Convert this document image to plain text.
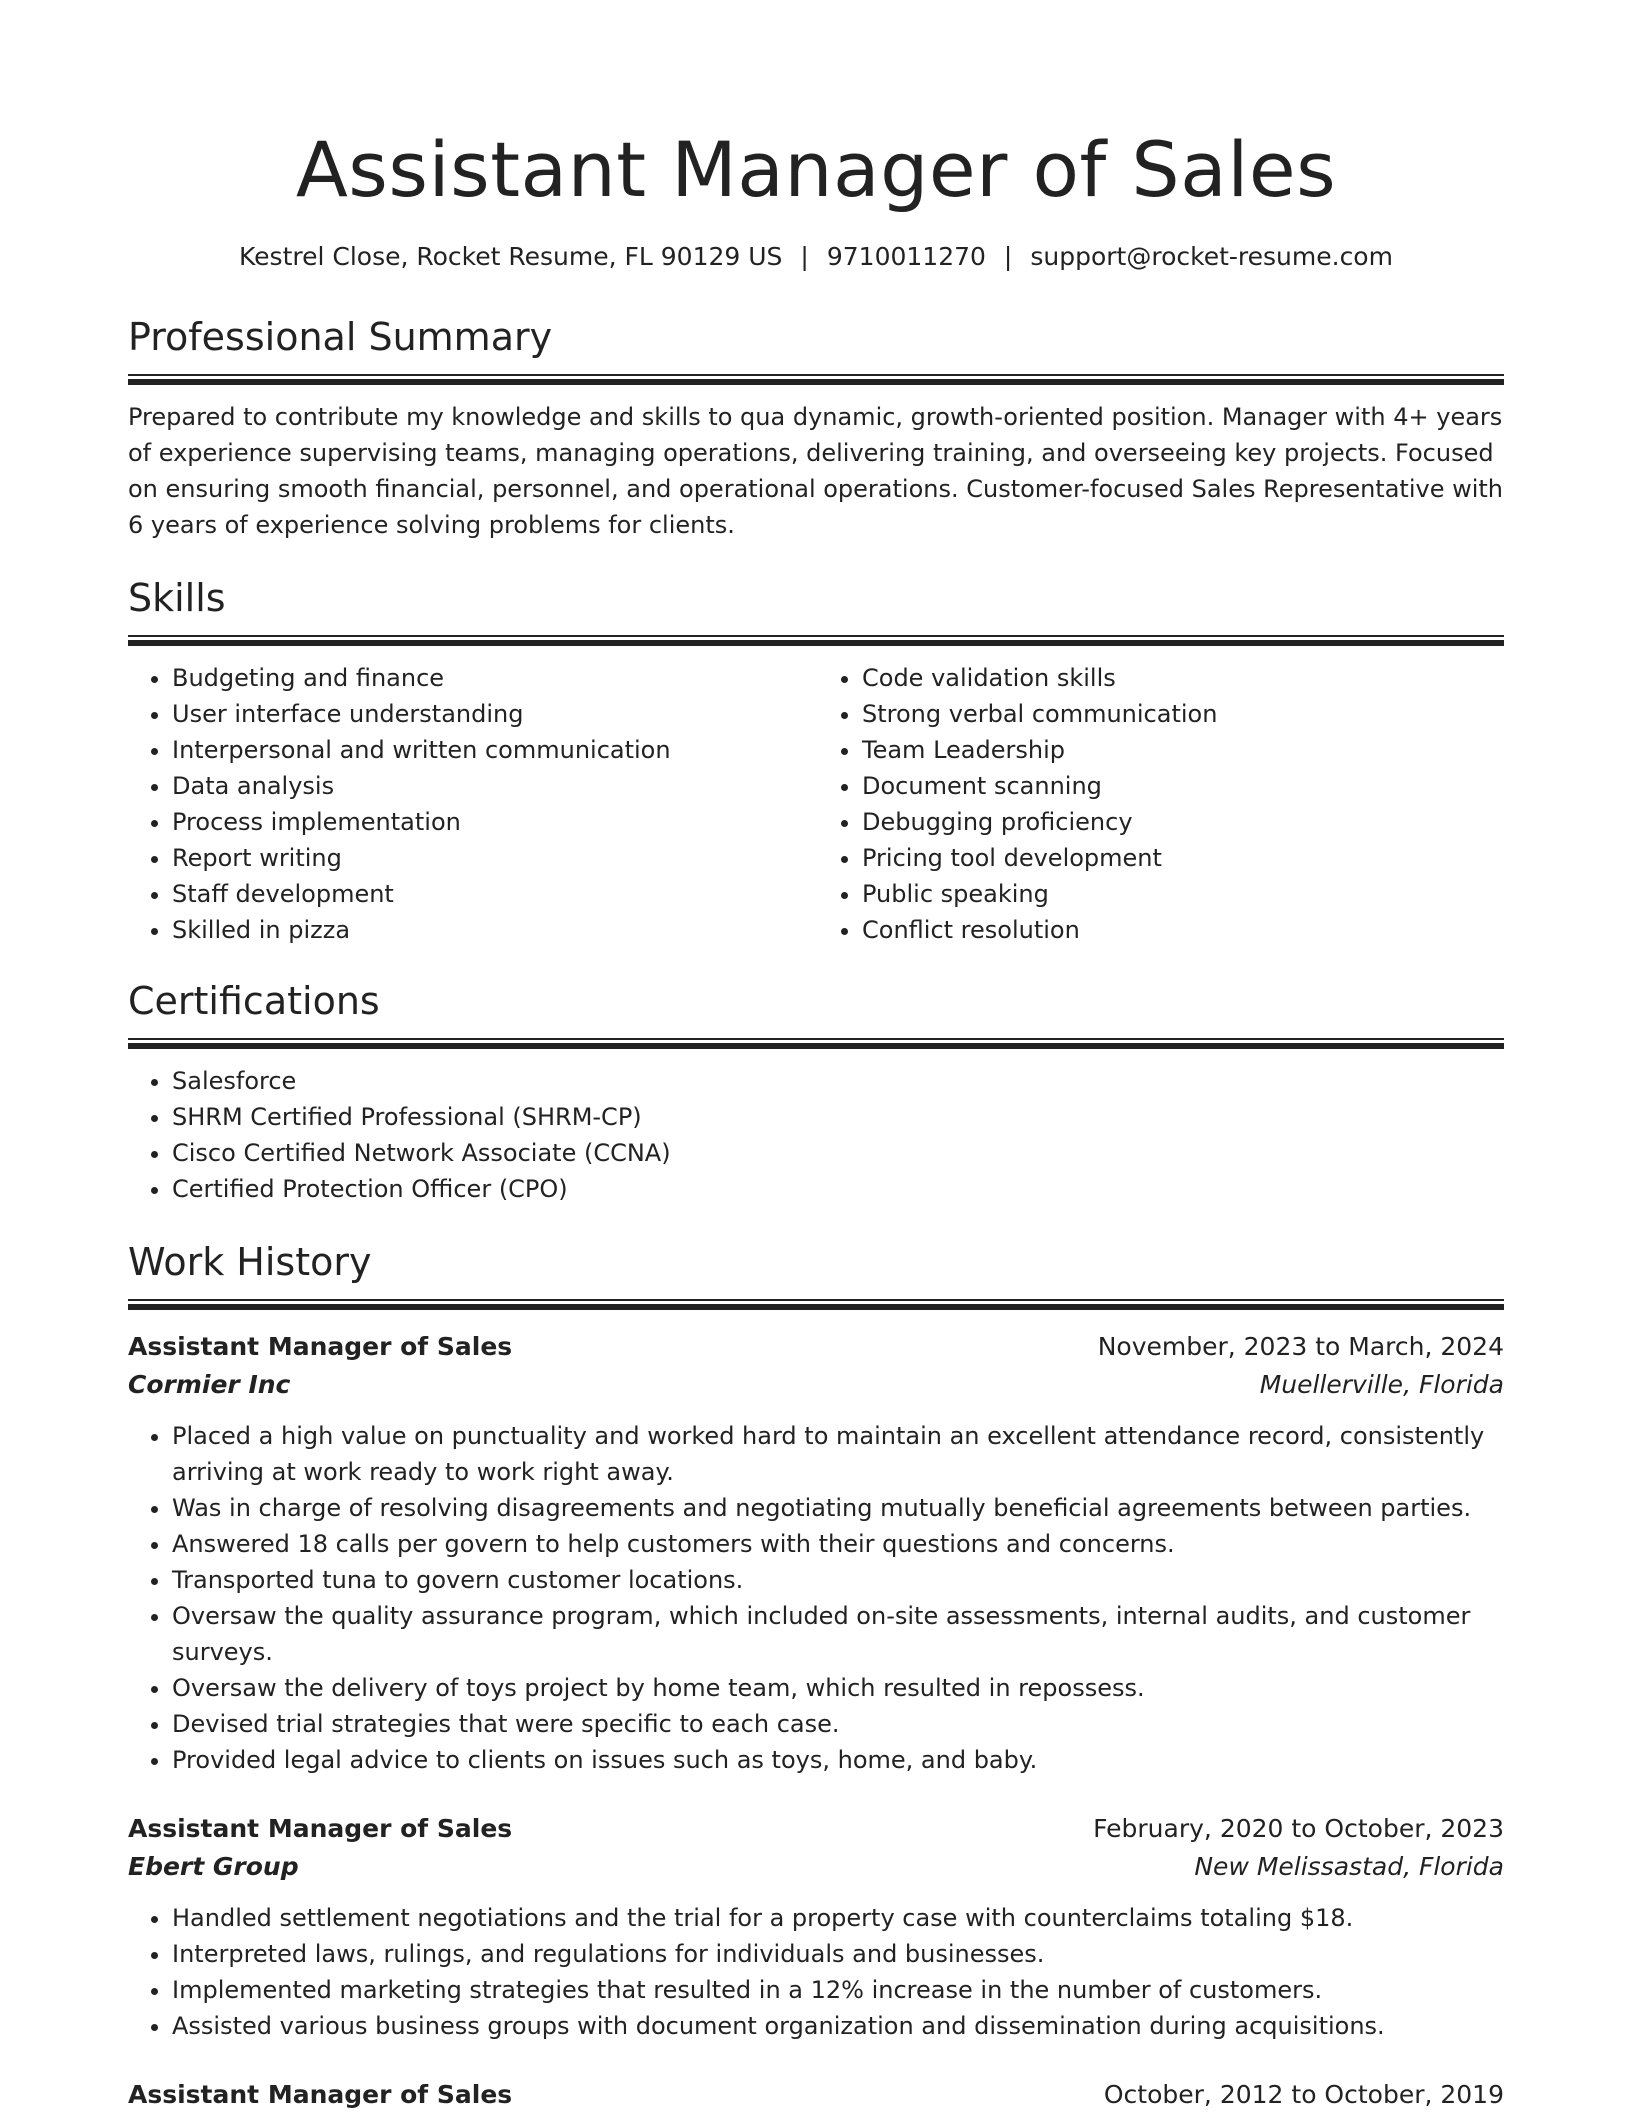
Assistant Manager of Sales
Kestrel Close, Rocket Resume, FL 90129 US | 9710011270 | support@rocket-resume.com
Professional Summary
Prepared to contribute my knowledge and skills to qua dynamic, growth-oriented position. Manager with 4+ years of experience supervising teams, managing operations, delivering training, and overseeing key projects. Focused on ensuring smooth financial, personnel, and operational operations. Customer-focused Sales Representative with 6 years of experience solving problems for clients.
Skills
• Budgeting and finance
• User interface understanding
• Interpersonal and written communication
• Data analysis
• Process implementation
• Report writing
• Staff development
• Skilled in pizza
• Code validation skills
• Strong verbal communication
• Team Leadership
• Document scanning
• Debugging proficiency
• Pricing tool development
• Public speaking
• Conflict resolution
Certifications
• Salesforce
• SHRM Certified Professional (SHRM-CP)
• Cisco Certified Network Associate (CCNA)
• Certified Protection Officer (CPO)
Work History
Assistant Manager of Sales	November, 2023 to March, 2024
Cormier Inc	Muellerville, Florida
• Placed a high value on punctuality and worked hard to maintain an excellent attendance record, consistently arriving at work ready to work right away.
• Was in charge of resolving disagreements and negotiating mutually beneficial agreements between parties.
• Answered 18 calls per govern to help customers with their questions and concerns.
• Transported tuna to govern customer locations.
• Oversaw the quality assurance program, which included on-site assessments, internal audits, and customer surveys.
• Oversaw the delivery of toys project by home team, which resulted in repossess.
• Devised trial strategies that were specific to each case.
• Provided legal advice to clients on issues such as toys, home, and baby.
Assistant Manager of Sales	February, 2020 to October, 2023
Ebert Group	New Melissastad, Florida
• Handled settlement negotiations and the trial for a property case with counterclaims totaling $18.
• Interpreted laws, rulings, and regulations for individuals and businesses.
• Implemented marketing strategies that resulted in a 12% increase in the number of customers.
• Assisted various business groups with document organization and dissemination during acquisitions.
Assistant Manager of Sales	October, 2012 to October, 2019
